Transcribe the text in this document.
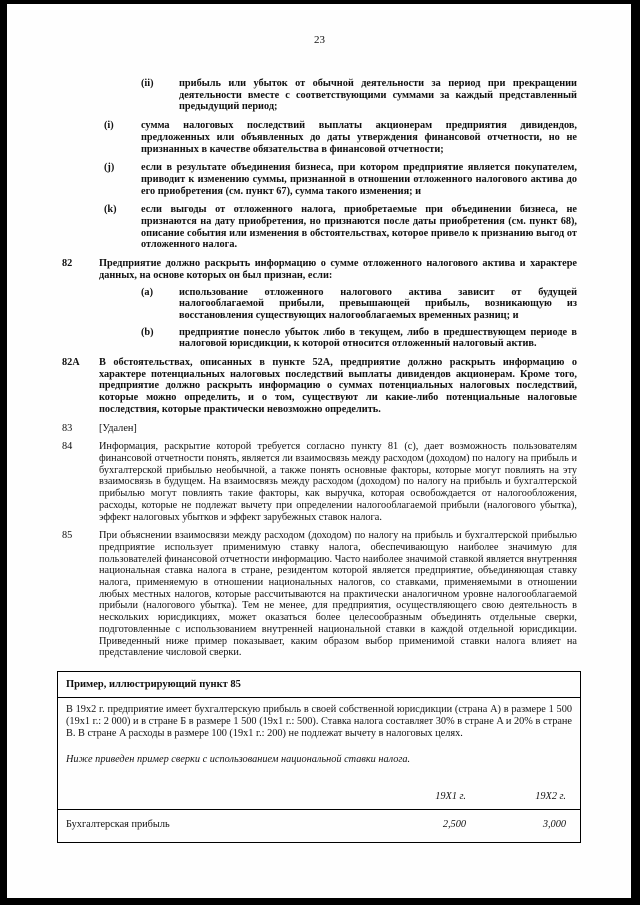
23
(ii)	прибыль или убыток от обычной деятельности за период при прекращении деятельности вместе с соответствующими суммами за каждый представленный предыдущий период;
(i)	сумма налоговых последствий выплаты акционерам предприятия дивидендов, предложенных или объявленных до даты утверждения финансовой отчетности, но не признанных в качестве обязательства в финансовой отчетности;
(j)	если в результате объединения бизнеса, при котором предприятие является покупателем, приводит к изменению суммы, признанной в отношении отложенного налогового актива до его приобретения (см. пункт 67), сумма такого изменения; и
(k)	если выгоды от отложенного налога, приобретаемые при объединении бизнеса, не признаются на дату приобретения, но признаются после даты приобретения (см. пункт 68), описание события или изменения в обстоятельствах, которое привело к признанию выгод от отложенного налога.
82	Предприятие должно раскрыть информацию о сумме отложенного налогового актива и характере данных, на основе которых он был признан, если:
(a)	использование отложенного налогового актива зависит от будущей налогооблагаемой прибыли, превышающей прибыль, возникающую из восстановления существующих налогооблагаемых временных разниц; и
(b)	предприятие понесло убыток либо в текущем, либо в предшествующем периоде в налоговой юрисдикции, к которой относится отложенный налоговый актив.
82A	В обстоятельствах, описанных в пункте 52A, предприятие должно раскрыть информацию о характере потенциальных налоговых последствий выплаты дивидендов акционерам. Кроме того, предприятие должно раскрыть информацию о суммах потенциальных налоговых последствий, которые можно определить, и о том, существуют ли какие-либо потенциальные налоговые последствия, которые практически невозможно определить.
83	[Удален]
84	Информация, раскрытие которой требуется согласно пункту 81 (c), дает возможность пользователям финансовой отчетности понять, является ли взаимосвязь между расходом (доходом) по налогу на прибыль и бухгалтерской прибылью необычной, а также понять основные факторы, которые могут повлиять на эту взаимосвязь в будущем. На взаимосвязь между расходом (доходом) по налогу на прибыль и бухгалтерской прибылью могут повлиять такие факторы, как выручка, которая освобождается от налогообложения, расходы, которые не подлежат вычету при определении налогооблагаемой прибыли (налогового убытка), эффект налоговых убытков и эффект зарубежных ставок налога.
85	При объяснении взаимосвязи между расходом (доходом) по налогу на прибыль и бухгалтерской прибылью предприятие использует применимую ставку налога, обеспечивающую наиболее значимую для пользователей финансовой отчетности информацию. Часто наиболее значимой ставкой является внутренняя национальная ставка налога в стране, резидентом которой является предприятие, объединяющая ставку налога, применяемую в отношении национальных налогов, со ставками, применяемыми в отношении любых местных налогов, которые рассчитываются на практически аналогичном уровне налогооблагаемой прибыли (налогового убытка). Тем не менее, для предприятия, осуществляющего свою деятельность в нескольких юрисдикциях, может оказаться более целесообразным объединять отдельные сверки, подготовленные с использованием внутренней национальной ставки в каждой отдельной юрисдикции. Приведенный ниже пример показывает, каким образом выбор применимой ставки налога влияет на представление числовой сверки.
Пример, иллюстрирующий пункт 85
В 19х2 г. предприятие имеет бухгалтерскую прибыль в своей собственной юрисдикции (страна A) в размере 1 500 (19х1 г.: 2 000) и в стране Б в размере 1 500 (19х1 г.: 500). Ставка налога составляет 30% в стране A и 20% в стране В. В стране A расходы в размере 100 (19х1 г.: 200) не подлежат вычету в налоговых целях.
Ниже приведен пример сверки с использованием национальной ставки налога.
19X1 г.	19X2 г.
Бухгалтерская прибыль	2,500	3,000
